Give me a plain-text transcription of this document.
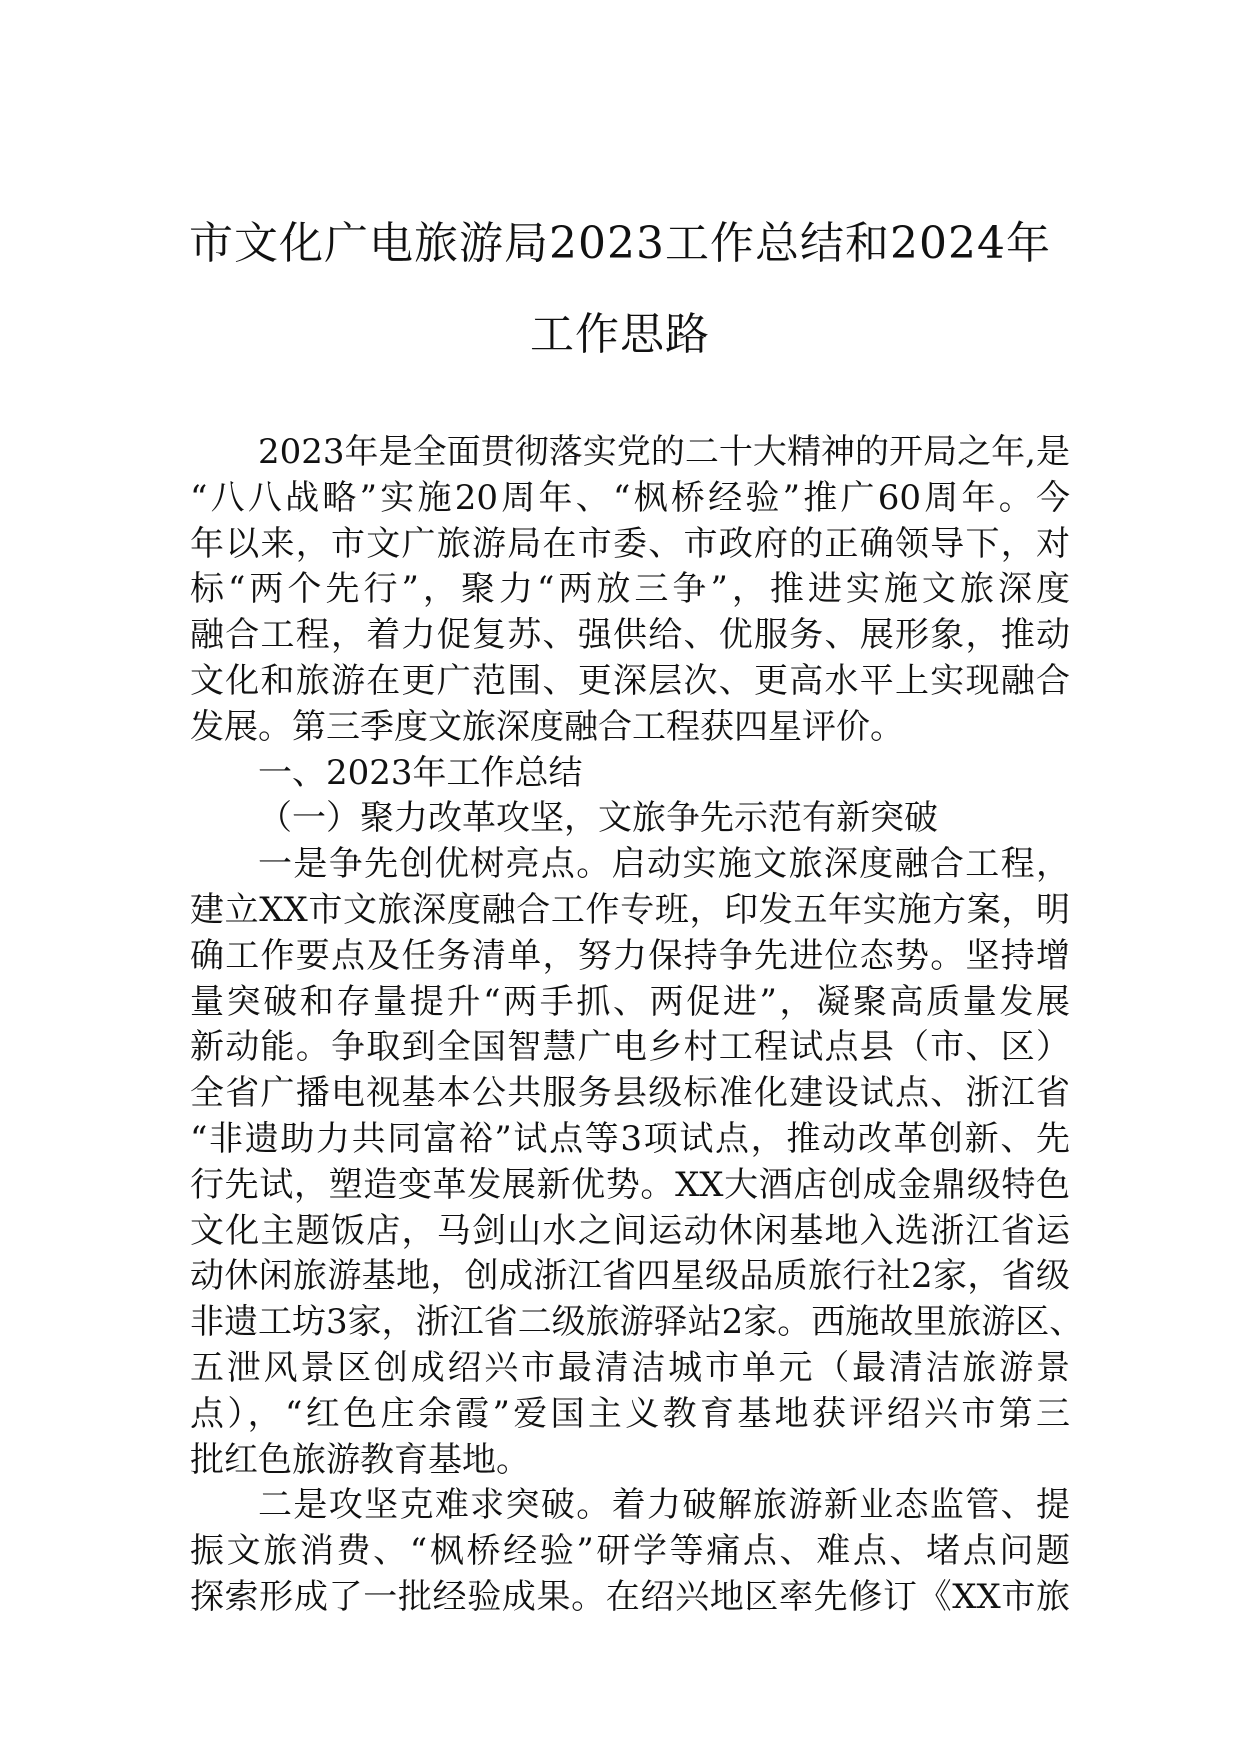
市文化广电旅游局2023工作总结和2024年
工作思路
2023年是全面贯彻落实党的二十大精神的开局之年,是
“八八战略”实施20周年、“枫桥经验”推广60周年。今
年以来，市文广旅游局在市委、市政府的正确领导下，对
标“两个先行”，聚力“两放三争”，推进实施文旅深度
融合工程，着力促复苏、强供给、优服务、展形象，推动
文化和旅游在更广范围、更深层次、更高水平上实现融合
发展。第三季度文旅深度融合工程获四星评价。
一、2023年工作总结
（一）聚力改革攻坚，文旅争先示范有新突破
一是争先创优树亮点。启动实施文旅深度融合工程，
建立XX市文旅深度融合工作专班，印发五年实施方案，明
确工作要点及任务清单，努力保持争先进位态势。坚持增
量突破和存量提升“两手抓、两促进”，凝聚高质量发展
新动能。争取到全国智慧广电乡村工程试点县（市、区）
全省广播电视基本公共服务县级标准化建设试点、浙江省
“非遗助力共同富裕”试点等3项试点，推动改革创新、先
行先试，塑造变革发展新优势。XX大酒店创成金鼎级特色
文化主题饭店，马剑山水之间运动休闲基地入选浙江省运
动休闲旅游基地，创成浙江省四星级品质旅行社2家，省级
非遗工坊3家，浙江省二级旅游驿站2家。西施故里旅游区、
五泄风景区创成绍兴市最清洁城市单元（最清洁旅游景
点），“红色庄余霞”爱国主义教育基地获评绍兴市第三
批红色旅游教育基地。
二是攻坚克难求突破。着力破解旅游新业态监管、提
振文旅消费、“枫桥经验”研学等痛点、难点、堵点问题
探索形成了一批经验成果。在绍兴地区率先修订《XX市旅
